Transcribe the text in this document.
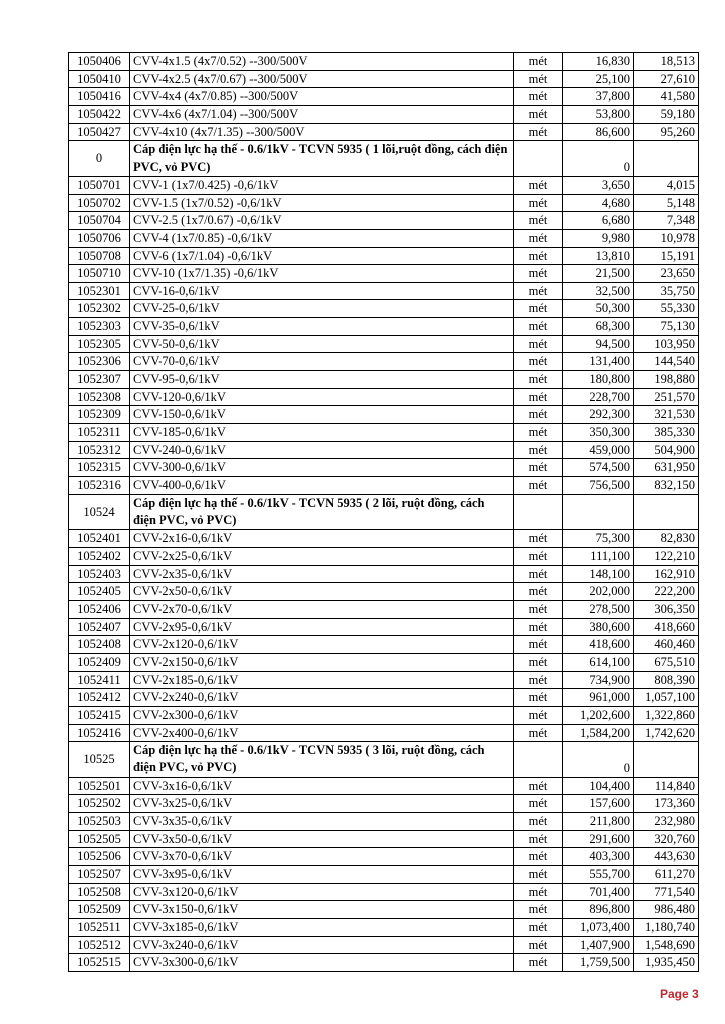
1050406	CVV-4x1.5 (4x7/0.52) --300/500V	mét	16,830	18,513
1050410	CVV-4x2.5 (4x7/0.67) --300/500V	mét	25,100	27,610
1050416	CVV-4x4 (4x7/0.85) --300/500V	mét	37,800	41,580
1050422	CVV-4x6 (4x7/1.04) --300/500V	mét	53,800	59,180
1050427	CVV-4x10 (4x7/1.35) --300/500V	mét	86,600	95,260
0	Cáp điện lực hạ thế - 0.6/1kV - TCVN 5935 ( 1 lõi,ruột đồng, cách điện PVC, vỏ PVC)		0	
1050701	CVV-1 (1x7/0.425) -0,6/1kV	mét	3,650	4,015
1050702	CVV-1.5 (1x7/0.52) -0,6/1kV	mét	4,680	5,148
1050704	CVV-2.5 (1x7/0.67) -0,6/1kV	mét	6,680	7,348
1050706	CVV-4 (1x7/0.85) -0,6/1kV	mét	9,980	10,978
1050708	CVV-6 (1x7/1.04) -0,6/1kV	mét	13,810	15,191
1050710	CVV-10 (1x7/1.35) -0,6/1kV	mét	21,500	23,650
1052301	CVV-16-0,6/1kV	mét	32,500	35,750
1052302	CVV-25-0,6/1kV	mét	50,300	55,330
1052303	CVV-35-0,6/1kV	mét	68,300	75,130
1052305	CVV-50-0,6/1kV	mét	94,500	103,950
1052306	CVV-70-0,6/1kV	mét	131,400	144,540
1052307	CVV-95-0,6/1kV	mét	180,800	198,880
1052308	CVV-120-0,6/1kV	mét	228,700	251,570
1052309	CVV-150-0,6/1kV	mét	292,300	321,530
1052311	CVV-185-0,6/1kV	mét	350,300	385,330
1052312	CVV-240-0,6/1kV	mét	459,000	504,900
1052315	CVV-300-0,6/1kV	mét	574,500	631,950
1052316	CVV-400-0,6/1kV	mét	756,500	832,150
10524	Cáp điện lực hạ thế - 0.6/1kV - TCVN 5935 ( 2 lõi, ruột đồng, cách điện PVC, vỏ PVC)			
1052401	CVV-2x16-0,6/1kV	mét	75,300	82,830
1052402	CVV-2x25-0,6/1kV	mét	111,100	122,210
1052403	CVV-2x35-0,6/1kV	mét	148,100	162,910
1052405	CVV-2x50-0,6/1kV	mét	202,000	222,200
1052406	CVV-2x70-0,6/1kV	mét	278,500	306,350
1052407	CVV-2x95-0,6/1kV	mét	380,600	418,660
1052408	CVV-2x120-0,6/1kV	mét	418,600	460,460
1052409	CVV-2x150-0,6/1kV	mét	614,100	675,510
1052411	CVV-2x185-0,6/1kV	mét	734,900	808,390
1052412	CVV-2x240-0,6/1kV	mét	961,000	1,057,100
1052415	CVV-2x300-0,6/1kV	mét	1,202,600	1,322,860
1052416	CVV-2x400-0,6/1kV	mét	1,584,200	1,742,620
10525	Cáp điện lực hạ thế - 0.6/1kV - TCVN 5935 ( 3 lõi, ruột đồng, cách điện PVC, vỏ PVC)		0	
1052501	CVV-3x16-0,6/1kV	mét	104,400	114,840
1052502	CVV-3x25-0,6/1kV	mét	157,600	173,360
1052503	CVV-3x35-0,6/1kV	mét	211,800	232,980
1052505	CVV-3x50-0,6/1kV	mét	291,600	320,760
1052506	CVV-3x70-0,6/1kV	mét	403,300	443,630
1052507	CVV-3x95-0,6/1kV	mét	555,700	611,270
1052508	CVV-3x120-0,6/1kV	mét	701,400	771,540
1052509	CVV-3x150-0,6/1kV	mét	896,800	986,480
1052511	CVV-3x185-0,6/1kV	mét	1,073,400	1,180,740
1052512	CVV-3x240-0,6/1kV	mét	1,407,900	1,548,690
1052515	CVV-3x300-0,6/1kV	mét	1,759,500	1,935,450
Page 3
